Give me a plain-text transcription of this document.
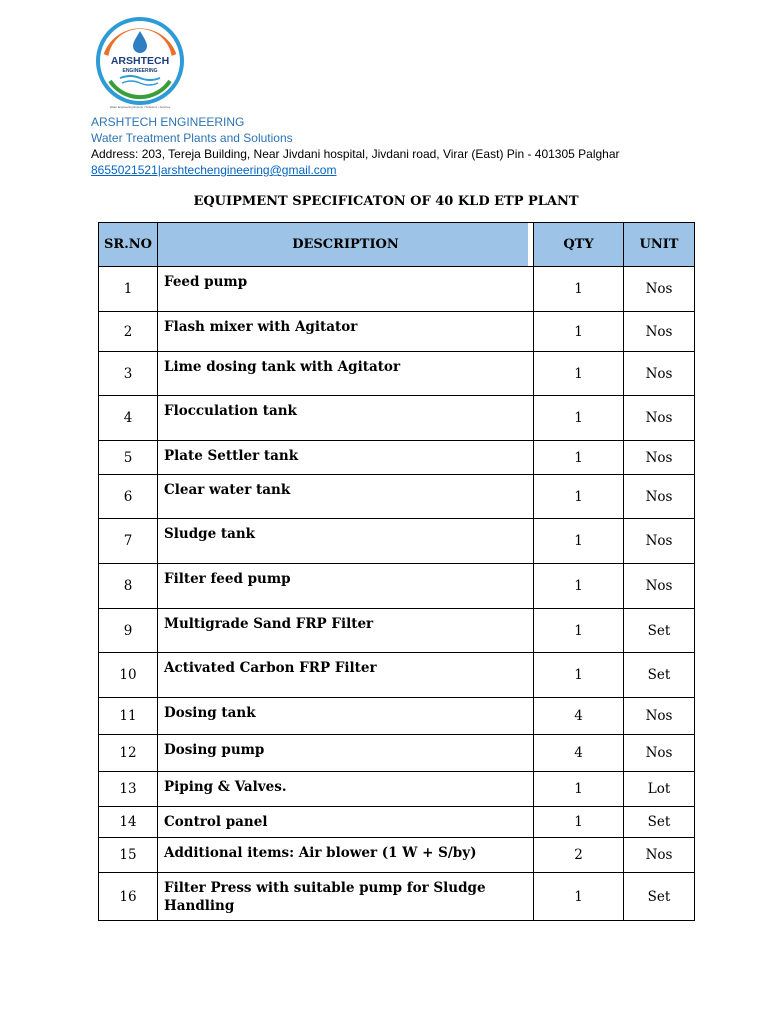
ARSHTECH
ENGINEERING
Water Engineering Experts • Solutions • Services
ARSHTECH ENGINEERING
Water Treatment Plants and Solutions
Address: 203, Tereja Building, Near Jivdani hospital, Jivdani road, Virar (East) Pin - 401305 Palghar
8655021521|arshtechengineering@gmail.com
EQUIPMENT SPECIFICATON OF 40 KLD ETP PLANT
SR.NO	DESCRIPTION	QTY	UNIT
1	Feed pump	1	Nos
2	Flash mixer with Agitator	1	Nos
3	Lime dosing tank with Agitator	1	Nos
4	Flocculation tank	1	Nos
5	Plate Settler tank	1	Nos
6	Clear water tank	1	Nos
7	Sludge tank	1	Nos
8	Filter feed pump	1	Nos
9	Multigrade Sand FRP Filter	1	Set
10	Activated Carbon FRP Filter	1	Set
11	Dosing tank	4	Nos
12	Dosing pump	4	Nos
13	Piping & Valves.	1	Lot
14	Control panel	1	Set
15	Additional items: Air blower (1 W + S/by)	2	Nos
16	Filter Press with suitable pump for Sludge Handling	1	Set
